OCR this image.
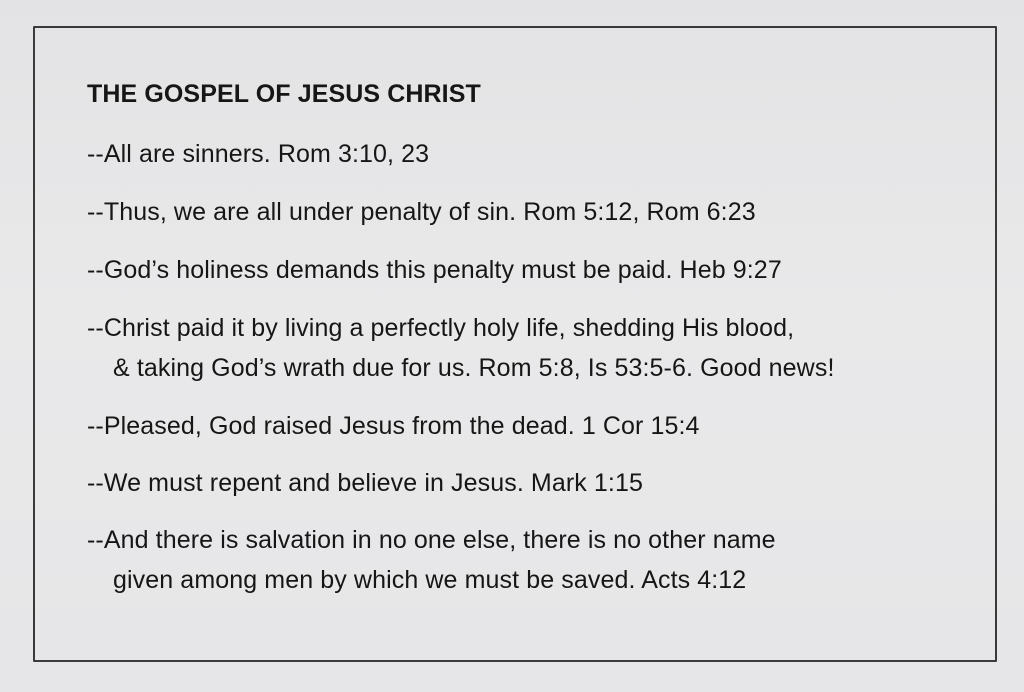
THE GOSPEL OF JESUS CHRIST
--All are sinners. Rom 3:10, 23
--Thus, we are all under penalty of sin. Rom 5:12, Rom 6:23
--God’s holiness demands this penalty must be paid. Heb 9:27
--Christ paid it by living a perfectly holy life, shedding His blood,
& taking God’s wrath due for us. Rom 5:8, Is 53:5-6. Good news!
--Pleased, God raised Jesus from the dead. 1 Cor 15:4
--We must repent and believe in Jesus. Mark 1:15
--And there is salvation in no one else, there is no other name
given among men by which we must be saved. Acts 4:12
